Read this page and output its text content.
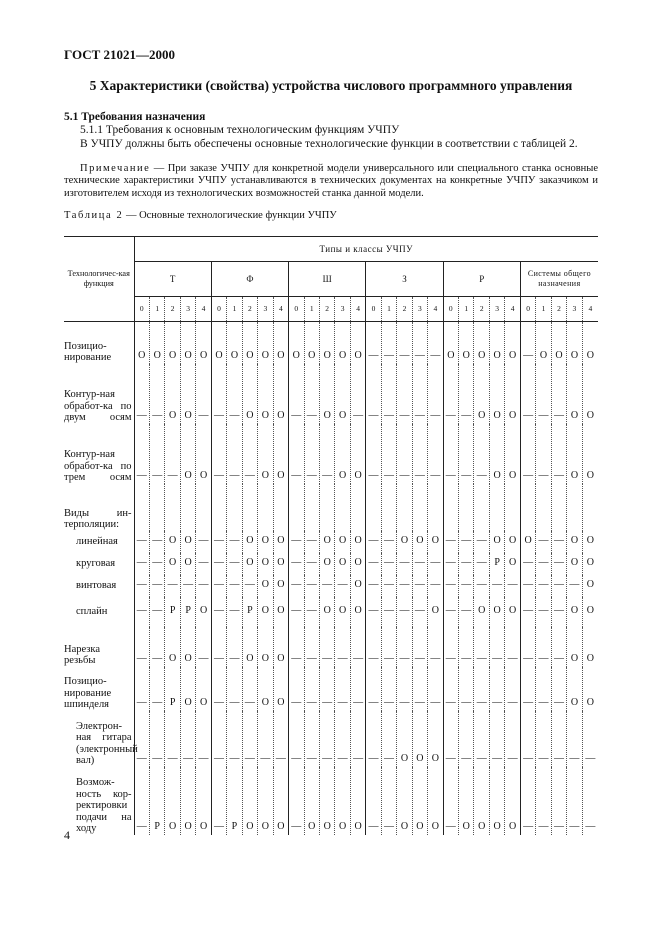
ГОСТ 21021—2000
5 Характеристики (свойства) устройства числового программного управления
5.1 Требования назначения
5.1.1 Требования к основным технологическим функциям УЧПУ
В УЧПУ должны быть обеспечены основные технологические функции в соответствии с таблицей 2.
Примечание — При заказе УЧПУ для конкретной модели универсального или специального станка основные технические характеристики УЧПУ устанавливаются в технических документах на конкретные УЧПУ заказчиком и изготовителем исходя из технологических возможностей станка данной модели.
Таблица 2 — Основные технологические функции УЧПУ
Технологичес-кая функция	Типы и классы УЧПУ																													
	Т					Ф					Ш					З					Р					Системы общего назначения				
	0	1	2	3	4	0	1	2	3	4	0	1	2	3	4	0	1	2	3	4	0	1	2	3	4	0	1	2	3	4
Позицио-нирование	О	О	О	О	О	О	О	О	О	О	О	О	О	О	О	—	—	—	—	—	О	О	О	О	О	—	О	О	О	О
Контур-ная обработ-ка по двум осям	—	—	О	О	—	—	—	О	О	О	—	—	О	О	—	—	—	—	—	—	—	—	О	О	О	—	—	—	О	О
Контур-ная обработ-ка по трем осям	—	—	—	О	О	—	—	—	О	О	—	—	—	О	О	—	—	—	—	—	—	—	—	О	О	—	—	—	О	О
Виды ин-терполяции:																														
линейная	—	—	О	О	—	—	—	О	О	О	—	—	О	О	О	—	—	О	О	О	—	—	—	О	О	О	—	—	О	О
круговая	—	—	О	О	—	—	—	О	О	О	—	—	О	О	О	—	—	—	—	—	—	—	—	Р	О	—	—	—	О	О
винтовая	—	—	—	—	—	—	—	—	О	О	—	—	—	—	О	—	—	—	—	—	—	—	—	—	—	—	—	—	—	О
сплайн	—	—	Р	Р	О	—	—	Р	О	О	—	—	О	О	О	—	—	—	—	О	—	—	О	О	О	—	—	—	О	О
Нарезка резьбы	—	—	О	О	—	—	—	О	О	О	—	—	—	—	—	—	—	—	—	—	—	—	—	—	—	—	—	—	О	О
Позицио-нирование шпинделя	—	—	Р	О	О	—	—	—	О	О	—	—	—	—	—	—	—	—	—	—	—	—	—	—	—	—	—	—	О	О
Электрон-ная гитара (электронный вал)	—	—	—	—	—	—	—	—	—	—	—	—	—	—	—	—	—	О	О	О	—	—	—	—	—	—	—	—	—	—
Возмож-ность кор-ректировки подачи на ходу	—	Р	О	О	О	—	Р	О	О	О	—	О	О	О	О	—	—	О	О	О	—	О	О	О	О	—	—	—	—	—
4
